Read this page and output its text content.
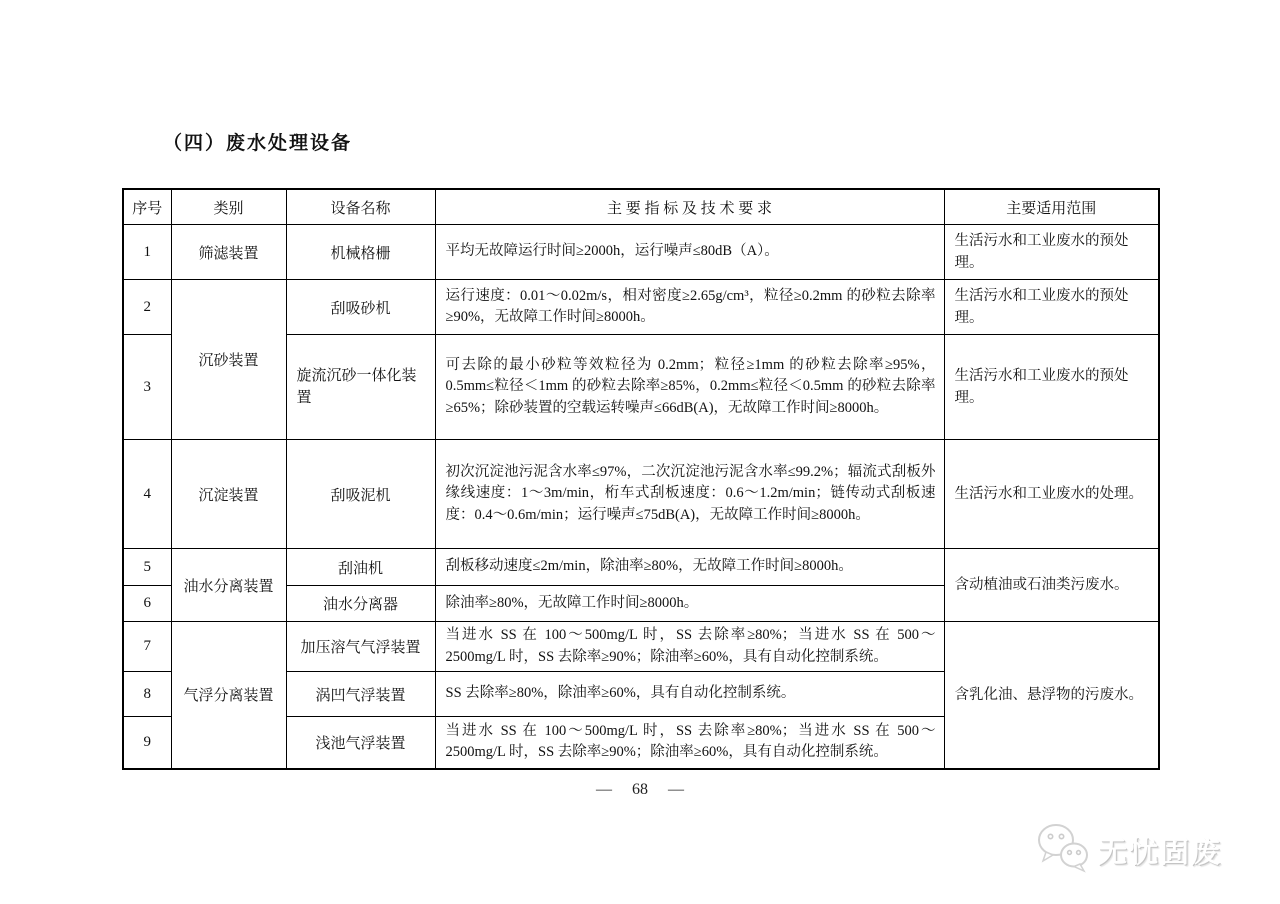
（四）废水处理设备
序号	类别	设备名称	主 要 指 标 及 技 术 要 求	主要适用范围
1	筛滤装置	机械格栅	平均无故障运行时间≥2000h，运行噪声≤80dB（A）。	生活污水和工业废水的预处理。
2	沉砂装置	刮吸砂机	运行速度：0.01～0.02m/s，相对密度≥2.65g/cm³，粒径≥0.2mm 的砂粒去除率≥90%，无故障工作时间≥8000h。	生活污水和工业废水的预处理。
3		旋流沉砂一体化装置	可去除的最小砂粒等效粒径为 0.2mm；粒径≥1mm 的砂粒去除率≥95%，0.5mm≤粒径＜1mm 的砂粒去除率≥85%，0.2mm≤粒径＜0.5mm 的砂粒去除率≥65%；除砂装置的空载运转噪声≤66dB(A)，无故障工作时间≥8000h。	生活污水和工业废水的预处理。
4	沉淀装置	刮吸泥机	初次沉淀池污泥含水率≤97%，二次沉淀池污泥含水率≤99.2%；辐流式刮板外缘线速度：1～3m/min，桁车式刮板速度：0.6～1.2m/min；链传动式刮板速度：0.4～0.6m/min；运行噪声≤75dB(A)，无故障工作时间≥8000h。	生活污水和工业废水的处理。
5	油水分离装置	刮油机	刮板移动速度≤2m/min，除油率≥80%，无故障工作时间≥8000h。	含动植油或石油类污废水。
6		油水分离器	除油率≥80%，无故障工作时间≥8000h。	
7	气浮分离装置	加压溶气气浮装置	当进水 SS 在 100～500mg/L 时，SS 去除率≥80%；当进水 SS 在 500～2500mg/L 时，SS 去除率≥90%；除油率≥60%，具有自动化控制系统。	含乳化油、悬浮物的污废水。
8		涡凹气浮装置	SS 去除率≥80%，除油率≥60%，具有自动化控制系统。	
9		浅池气浮装置	当进水 SS 在 100～500mg/L 时，SS 去除率≥80%；当进水 SS 在 500～2500mg/L 时，SS 去除率≥90%；除油率≥60%，具有自动化控制系统。	
— 68 —
无忧固废
